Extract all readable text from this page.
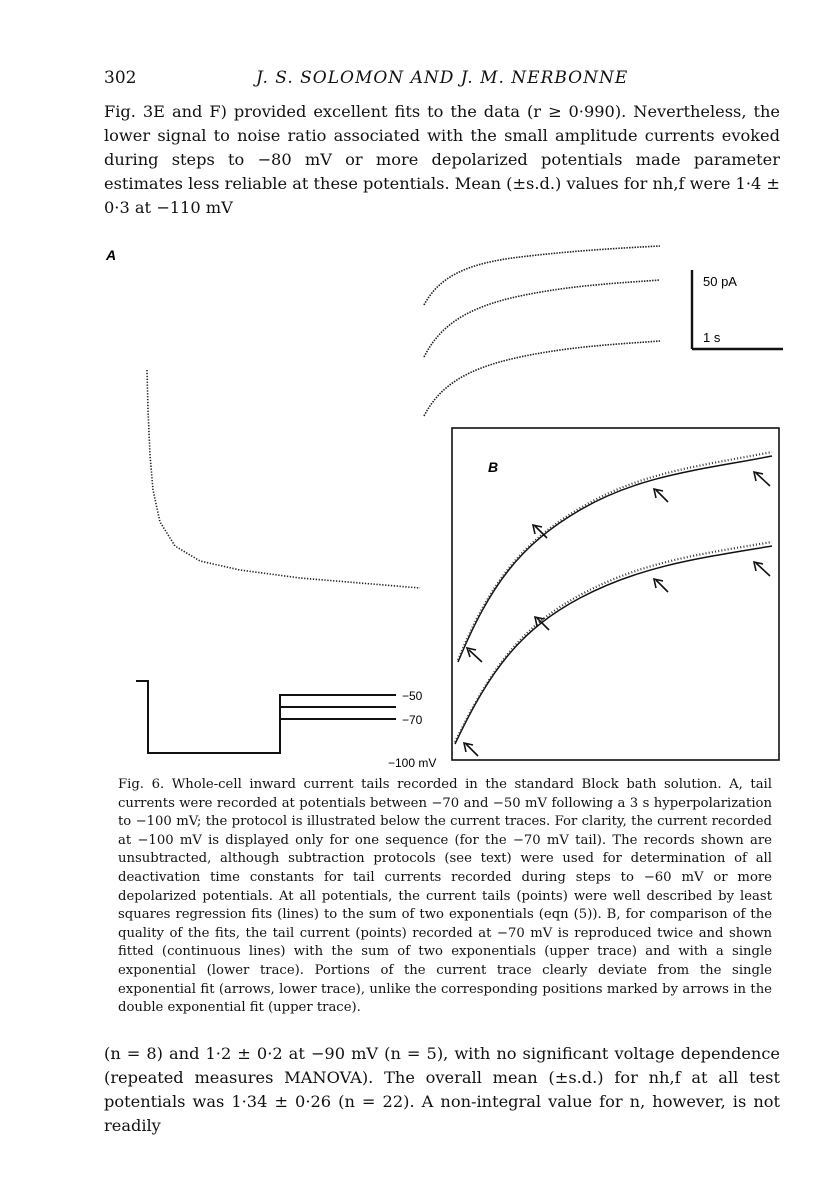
302	J. S. SOLOMON AND J. M. NERBONNE

Fig. 3E and F) provided excellent fits to the data (r ≥ 0·990). Nevertheless, the lower signal to noise ratio associated with the small amplitude currents evoked during steps to −80 mV or more depolarized potentials made parameter estimates less reliable at these potentials. Mean (±s.d.) values for nh,f were 1·4 ± 0·3 at −110 mV

A
50 pA
1 s
−50
−70
−100 mV
B

Fig. 6. Whole-cell inward current tails recorded in the standard Block bath solution. A, tail currents were recorded at potentials between −70 and −50 mV following a 3 s hyperpolarization to −100 mV; the protocol is illustrated below the current traces. For clarity, the current recorded at −100 mV is displayed only for one sequence (for the −70 mV tail). The records shown are unsubtracted, although subtraction protocols (see text) were used for determination of all deactivation time constants for tail currents recorded during steps to −60 mV or more depolarized potentials. At all potentials, the current tails (points) were well described by least squares regression fits (lines) to the sum of two exponentials (eqn (5)). B, for comparison of the quality of the fits, the tail current (points) recorded at −70 mV is reproduced twice and shown fitted (continuous lines) with the sum of two exponentials (upper trace) and with a single exponential (lower trace). Portions of the current trace clearly deviate from the single exponential fit (arrows, lower trace), unlike the corresponding positions marked by arrows in the double exponential fit (upper trace).

(n = 8) and 1·2 ± 0·2 at −90 mV (n = 5), with no significant voltage dependence (repeated measures MANOVA). The overall mean (±s.d.) for nh,f at all test potentials was 1·34 ± 0·26 (n = 22). A non-integral value for n, however, is not readily
